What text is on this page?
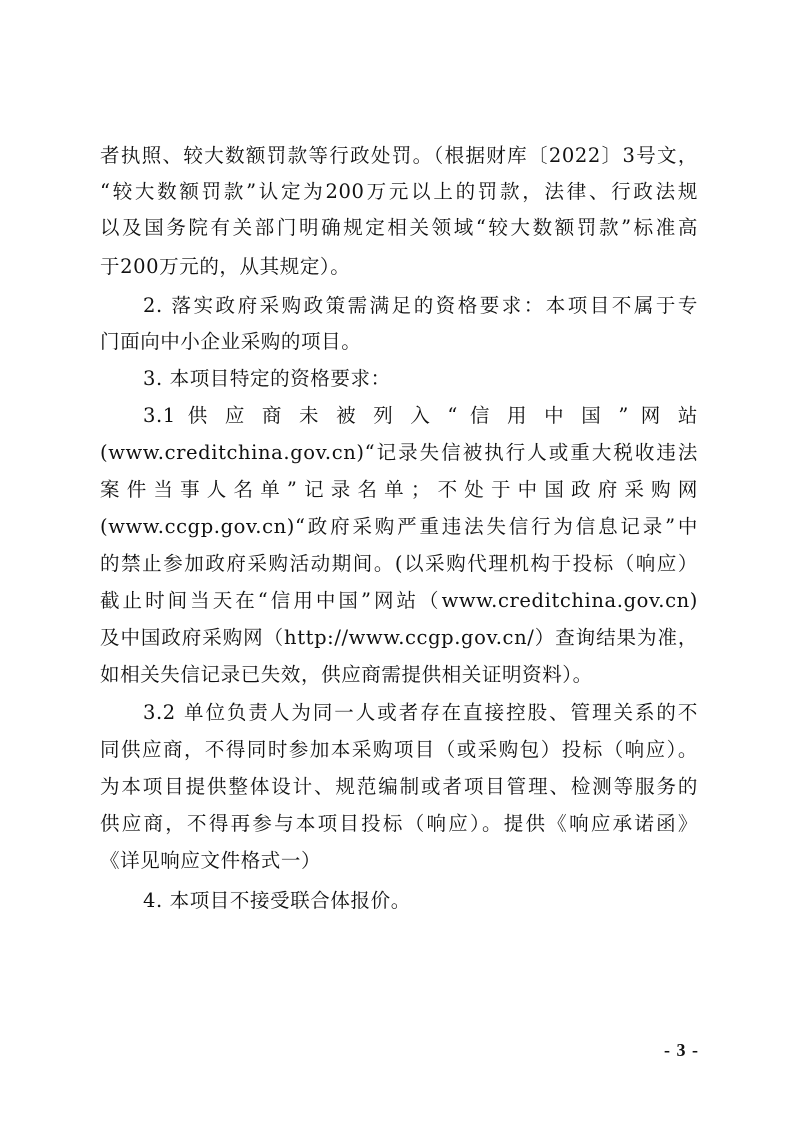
者执照、较大数额罚款等行政处罚。（根据财库〔2022〕3号文，
“较大数额罚款”认定为200万元以上的罚款，法律、行政法规
以及国务院有关部门明确规定相关领域“较大数额罚款”标准高
于200万元的，从其规定）。
2. 落实政府采购政策需满足的资格要求：本项目不属于专
门面向中小企业采购的项目。
3. 本项目特定的资格要求：
3.1 供 应 商 未 被 列 入 “ 信 用 中 国 ” 网 站
(www.creditchina.gov.cn)“记录失信被执行人或重大税收违法
案件当事人名单”记录名单；不处于中国政府采购网
(www.ccgp.gov.cn)“政府采购严重违法失信行为信息记录”中
的禁止参加政府采购活动期间。(以采购代理机构于投标（响应）
截止时间当天在“信用中国”网站（www.creditchina.gov.cn)
及中国政府采购网（http://www.ccgp.gov.cn/）查询结果为准，
如相关失信记录已失效，供应商需提供相关证明资料）。
3.2 单位负责人为同一人或者存在直接控股、管理关系的不
同供应商，不得同时参加本采购项目（或采购包）投标（响应）。
为本项目提供整体设计、规范编制或者项目管理、检测等服务的
供应商，不得再参与本项目投标（响应）。提供《响应承诺函》
《详见响应文件格式一）
4. 本项目不接受联合体报价。
- 3 -
